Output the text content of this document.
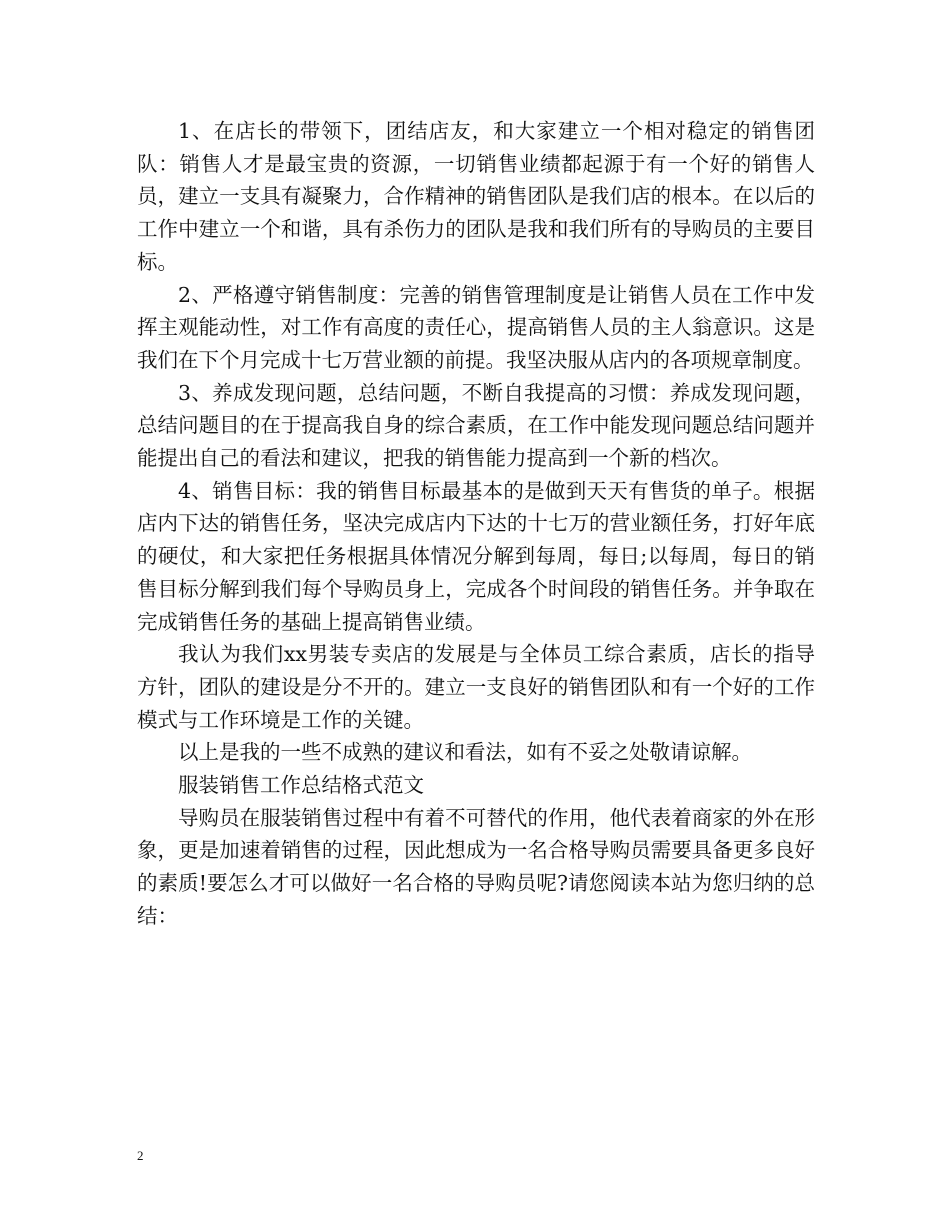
1、在店长的带领下，团结店友，和大家建立一个相对稳定的销售团队：销售人才是最宝贵的资源，一切销售业绩都起源于有一个好的销售人员，建立一支具有凝聚力，合作精神的销售团队是我们店的根本。在以后的工作中建立一个和谐，具有杀伤力的团队是我和我们所有的导购员的主要目标。

2、严格遵守销售制度：完善的销售管理制度是让销售人员在工作中发挥主观能动性，对工作有高度的责任心，提高销售人员的主人翁意识。这是我们在下个月完成十七万营业额的前提。我坚决服从店内的各项规章制度。

3、养成发现问题，总结问题，不断自我提高的习惯：养成发现问题，总结问题目的在于提高我自身的综合素质，在工作中能发现问题总结问题并能提出自己的看法和建议，把我的销售能力提高到一个新的档次。

4、销售目标：我的销售目标最基本的是做到天天有售货的单子。根据店内下达的销售任务，坚决完成店内下达的十七万的营业额任务，打好年底的硬仗，和大家把任务根据具体情况分解到每周，每日;以每周，每日的销售目标分解到我们每个导购员身上，完成各个时间段的销售任务。并争取在完成销售任务的基础上提高销售业绩。

我认为我们xx男装专卖店的发展是与全体员工综合素质，店长的指导方针，团队的建设是分不开的。建立一支良好的销售团队和有一个好的工作模式与工作环境是工作的关键。

以上是我的一些不成熟的建议和看法，如有不妥之处敬请谅解。

服装销售工作总结格式范文

导购员在服装销售过程中有着不可替代的作用，他代表着商家的外在形象，更是加速着销售的过程，因此想成为一名合格导购员需要具备更多良好的素质!要怎么才可以做好一名合格的导购员呢?请您阅读本站为您归纳的总结：

2
